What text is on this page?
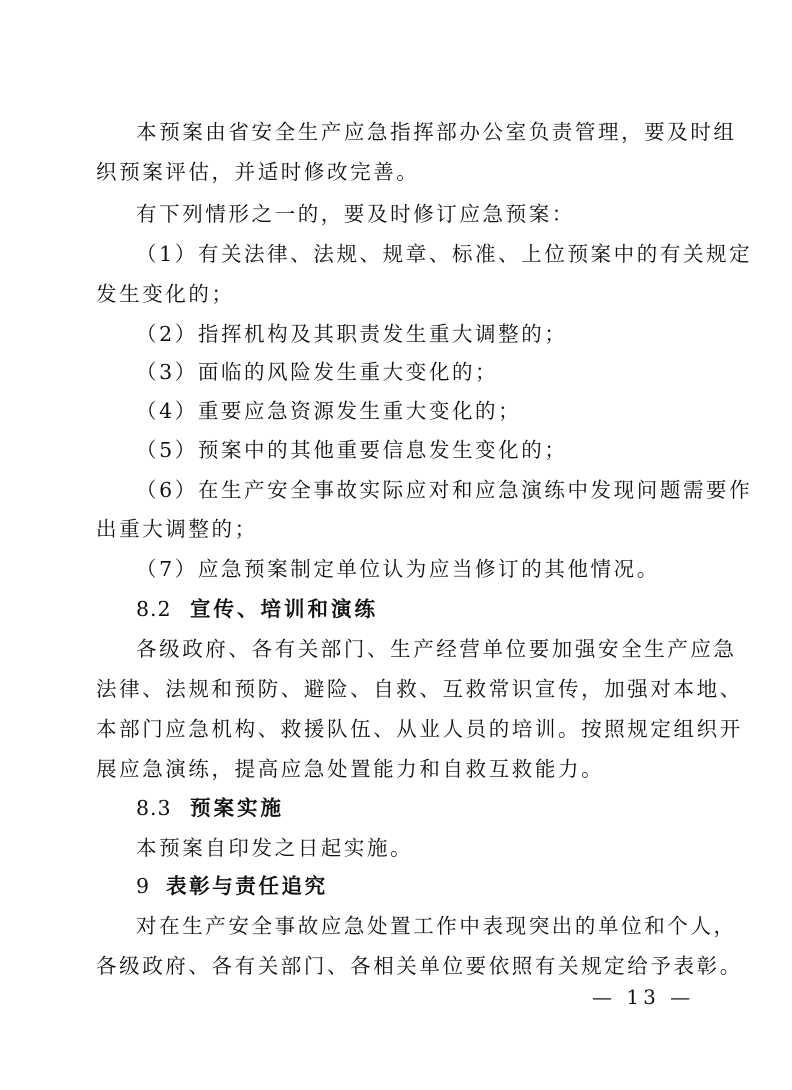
本预案由省安全生产应急指挥部办公室负责管理，要及时组
织预案评估，并适时修改完善。
有下列情形之一的，要及时修订应急预案：
（1）有关法律、法规、规章、标准、上位预案中的有关规定
发生变化的；
（2）指挥机构及其职责发生重大调整的；
（3）面临的风险发生重大变化的；
（4）重要应急资源发生重大变化的；
（5）预案中的其他重要信息发生变化的；
（6）在生产安全事故实际应对和应急演练中发现问题需要作
出重大调整的；
（7）应急预案制定单位认为应当修订的其他情况。
8.2 宣传、培训和演练
各级政府、各有关部门、生产经营单位要加强安全生产应急
法律、法规和预防、避险、自救、互救常识宣传，加强对本地、
本部门应急机构、救援队伍、从业人员的培训。按照规定组织开
展应急演练，提高应急处置能力和自救互救能力。
8.3 预案实施
本预案自印发之日起实施。
9 表彰与责任追究
对在生产安全事故应急处置工作中表现突出的单位和个人，
各级政府、各有关部门、各相关单位要依照有关规定给予表彰。
— 13 —
